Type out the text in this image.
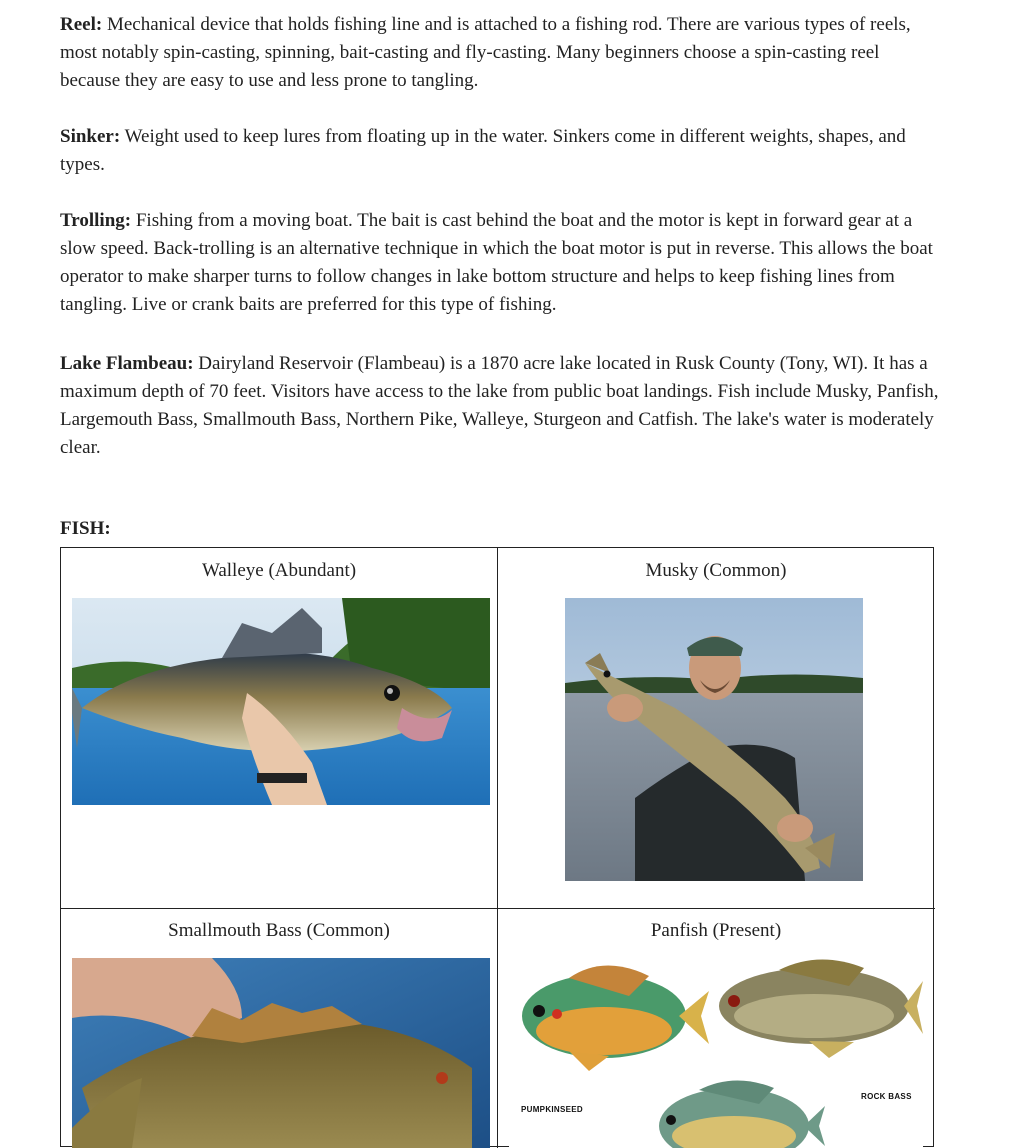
Reel: Mechanical device that holds fishing line and is attached to a fishing rod. There are various types of reels, most notably spin-casting, spinning, bait-casting and fly-casting. Many beginners choose a spin-casting reel because they are easy to use and less prone to tangling.

Sinker: Weight used to keep lures from floating up in the water. Sinkers come in different weights, shapes, and types.

Trolling: Fishing from a moving boat. The bait is cast behind the boat and the motor is kept in forward gear at a slow speed. Back-trolling is an alternative technique in which the boat motor is put in reverse. This allows the boat operator to make sharper turns to follow changes in lake bottom structure and helps to keep fishing lines from tangling. Live or crank baits are preferred for this type of fishing.

Lake Flambeau: Dairyland Reservoir (Flambeau) is a 1870 acre lake located in Rusk County (Tony, WI). It has a maximum depth of 70 feet. Visitors have access to the lake from public boat landings. Fish include Musky, Panfish, Largemouth Bass, Smallmouth Bass, Northern Pike, Walleye, Sturgeon and Catfish. The lake's water is moderately clear.

FISH:

Walleye (Abundant)	Musky (Common)
Smallmouth Bass (Common)	Panfish (Present)
PUMPKINSEED
ROCK BASS
